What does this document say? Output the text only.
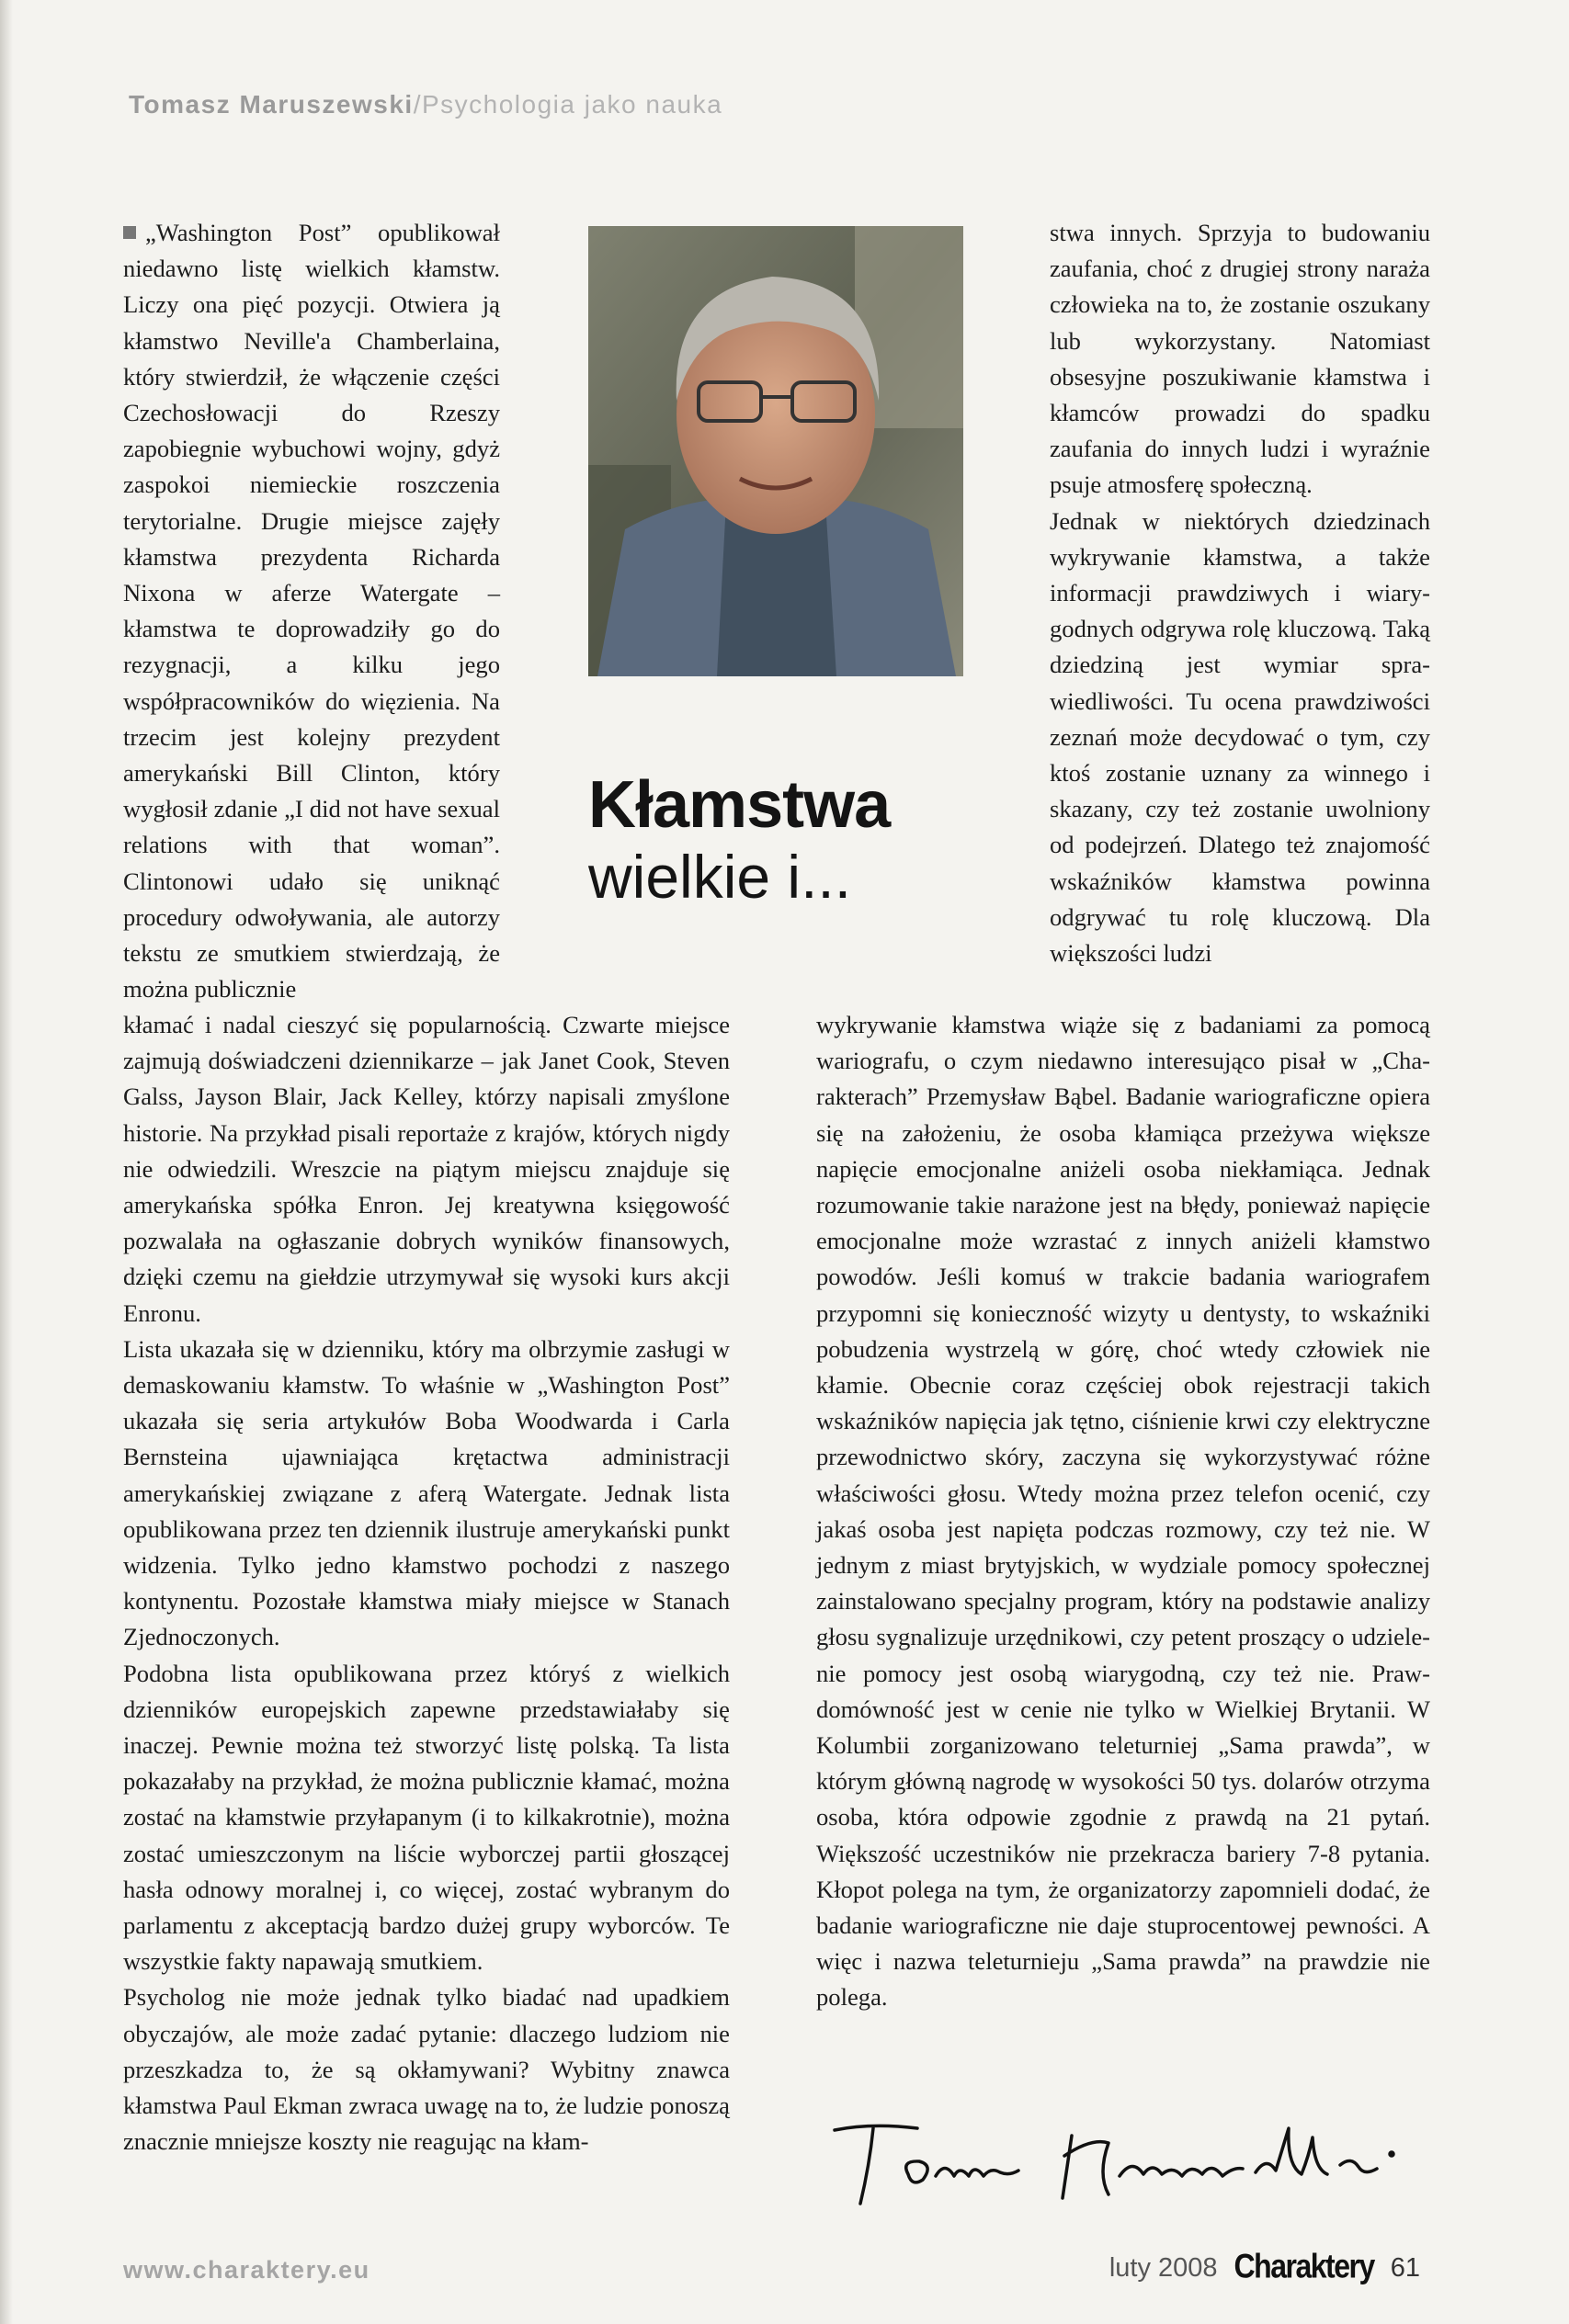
Tomasz Maruszewski/Psychologia jako nauka

„Washington Post” opublikował niedawno listę wielkich kłamstw. Liczy ona pięć pozycji. Otwiera ją kłamstwo Neville'a Chamberlaina, który stwierdził, że włączenie części Czechosłowacji do Rzeszy zapobiegnie wybuchowi wojny, gdyż zaspokoi niemieckie roszczenia terytorialne. Drugie miejsce zajęły kłamstwa prezydenta Richarda Nixona w aferze Watergate – kłamstwa te doprowadziły go do rezygnacji, a kilku jego współpracowników do więzienia. Na trzecim jest kolejny prezydent amerykański Bill Clinton, który wygłosił zdanie „I did not have sexual relations with that woman”. Clintonowi udało się uniknąć procedury odwoływania, ale autorzy tekstu ze smutkiem stwierdzają, że można publicznie

Kłamstwa
wielkie i...

stwa innych. Sprzyja to budowaniu zaufania, choć z drugiej strony naraża człowieka na to, że zostanie oszukany lub wykorzystany. Natomiast obsesyjne poszukiwanie kłamstwa i kłamców prowadzi do spadku zaufania do innych ludzi i wyraźnie psuje atmosferę społeczną.

Jednak w niektórych dziedzinach wykrywanie kłamstwa, a także informacji prawdziwych i wiarygodnych odgrywa rolę kluczową. Taką dziedziną jest wymiar sprawiedliwości. Tu ocena prawdziwości zeznań może decydować o tym, czy ktoś zostanie uznany za winnego i skazany, czy też zostanie uwolniony od podejrzeń. Dlatego też znajomość wskaźników kłamstwa powinna odgrywać tu rolę kluczową. Dla większości ludzi

kłamać i nadal cieszyć się popularnością. Czwarte miejsce zajmują doświadczeni dziennikarze – jak Janet Cook, Steven Galss, Jayson Blair, Jack Kelley, którzy napisali zmyślone historie. Na przykład pisali reportaże z krajów, których nigdy nie odwiedzili. Wreszcie na piątym miejscu znajduje się amerykańska spółka Enron. Jej kreatywna księgowość pozwalała na ogłaszanie dobrych wyników finansowych, dzięki czemu na giełdzie utrzymywał się wysoki kurs akcji Enronu.

Lista ukazała się w dzienniku, który ma olbrzymie zasługi w demaskowaniu kłamstw. To właśnie w „Washington Post” ukazała się seria artykułów Boba Woodwarda i Carla Bernsteina ujawniająca krętactwa administracji amerykańskiej związane z aferą Watergate. Jednak lista opublikowana przez ten dziennik ilustruje amerykański punkt widzenia. Tylko jedno kłamstwo pochodzi z naszego kontynentu. Pozostałe kłamstwa miały miejsce w Stanach Zjednoczonych.

Podobna lista opublikowana przez któryś z wielkich dzienników europejskich zapewne przedstawiałaby się inaczej. Pewnie można też stworzyć listę polską. Ta lista pokazałaby na przykład, że można publicznie kłamać, można zostać na kłamstwie przyłapanym (i to kilkakrotnie), można zostać umieszczonym na liście wyborczej partii głoszącej hasła odnowy moralnej i, co więcej, zostać wybranym do parlamentu z akceptacją bardzo dużej grupy wyborców. Te wszystkie fakty napawają smutkiem.

Psycholog nie może jednak tylko biadać nad upadkiem obyczajów, ale może zadać pytanie: dlaczego ludziom nie przeszkadza to, że są okłamywani? Wybitny znawca kłamstwa Paul Ekman zwraca uwagę na to, że ludzie ponoszą znacznie mniejsze koszty nie reagując na kłam-

wykrywanie kłamstwa wiąże się z badaniami za pomocą wariografu, o czym niedawno interesująco pisał w „Charakterach” Przemysław Bąbel. Badanie wariograficzne opiera się na założeniu, że osoba kłamiąca przeżywa większe napięcie emocjonalne aniżeli osoba niekłamiąca. Jednak rozumowanie takie narażone jest na błędy, ponieważ napięcie emocjonalne może wzrastać z innych aniżeli kłamstwo powodów. Jeśli komuś w trakcie badania wariografem przypomni się konieczność wizyty u dentysty, to wskaźniki pobudzenia wystrzelą w górę, choć wtedy człowiek nie kłamie. Obecnie coraz częściej obok rejestracji takich wskaźników napięcia jak tętno, ciśnienie krwi czy elektryczne przewodnictwo skóry, zaczyna się wykorzystywać różne właściwości głosu. Wtedy można przez telefon ocenić, czy jakaś osoba jest napięta podczas rozmowy, czy też nie. W jednym z miast brytyjskich, w wydziale pomocy społecznej zainstalowano specjalny program, który na podstawie analizy głosu sygnalizuje urzędnikowi, czy petent proszący o udzielenie pomocy jest osobą wiarygodną, czy też nie. Prawdomówność jest w cenie nie tylko w Wielkiej Brytanii. W Kolumbii zorganizowano teleturniej „Sama prawda”, w którym główną nagrodę w wysokości 50 tys. dolarów otrzyma osoba, która odpowie zgodnie z prawdą na 21 pytań. Większość uczestników nie przekracza bariery 7-8 pytania. Kłopot polega na tym, że organizatorzy zapomnieli dodać, że badanie wariograficzne nie daje stuprocentowej pewności. A więc i nazwa teleturnieju „Sama prawda” na prawdzie nie polega.

www.charaktery.eu	luty 2008 Charaktery 61
